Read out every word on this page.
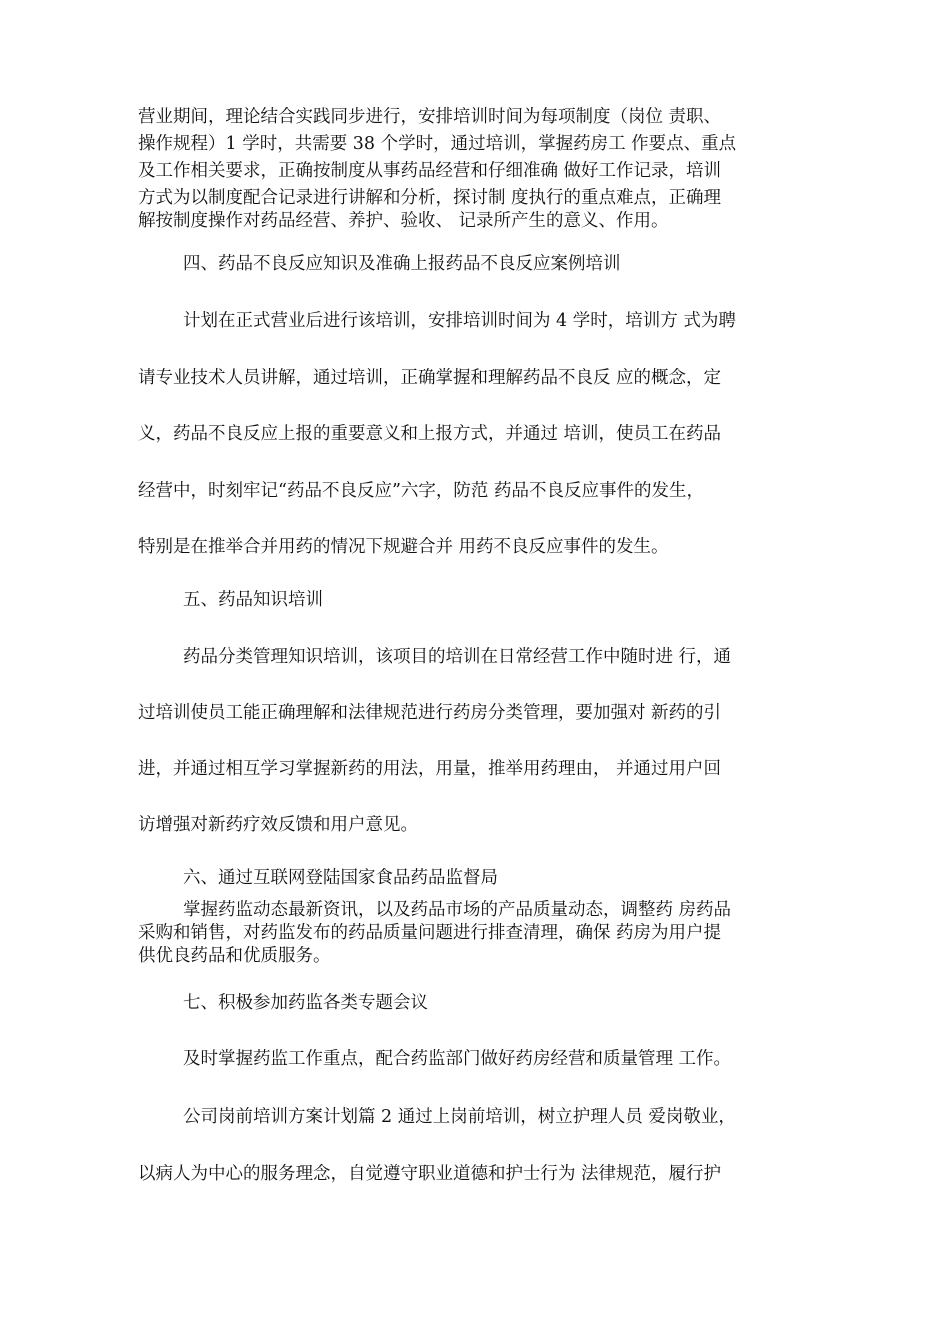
营业期间，理论结合实践同步进行，安排培训时间为每项制度（岗位 责职、
操作规程）1 学时，共需要 38 个学时，通过培训，掌握药房工 作要点、重点
及工作相关要求，正确按制度从事药品经营和仔细准确 做好工作记录，培训
方式为以制度配合记录进行讲解和分析，探讨制 度执行的重点难点，正确理
解按制度操作对药品经营、养护、验收、 记录所产生的意义、作用。
四、药品不良反应知识及准确上报药品不良反应案例培训
计划在正式营业后进行该培训，安排培训时间为 4 学时，培训方 式为聘
请专业技术人员讲解，通过培训，正确掌握和理解药品不良反 应的概念，定
义，药品不良反应上报的重要意义和上报方式，并通过 培训，使员工在药品
经营中，时刻牢记“药品不良反应”六字，防范 药品不良反应事件的发生，
特别是在推举合并用药的情况下规避合并 用药不良反应事件的发生。
五、药品知识培训
药品分类管理知识培训，该项目的培训在日常经营工作中随时进 行，通
过培训使员工能正确理解和法律规范进行药房分类管理，要加强对 新药的引
进，并通过相互学习掌握新药的用法，用量，推举用药理由， 并通过用户回
访增强对新药疗效反馈和用户意见。
六、通过互联网登陆国家食品药品监督局
掌握药监动态最新资讯，以及药品市场的产品质量动态，调整药 房药品
采购和销售，对药监发布的药品质量问题进行排查清理，确保 药房为用户提
供优良药品和优质服务。
七、积极参加药监各类专题会议
及时掌握药监工作重点，配合药监部门做好药房经营和质量管理 工作。
公司岗前培训方案计划篇 2 通过上岗前培训，树立护理人员 爱岗敬业，
以病人为中心的服务理念，自觉遵守职业道德和护士行为 法律规范，履行护
